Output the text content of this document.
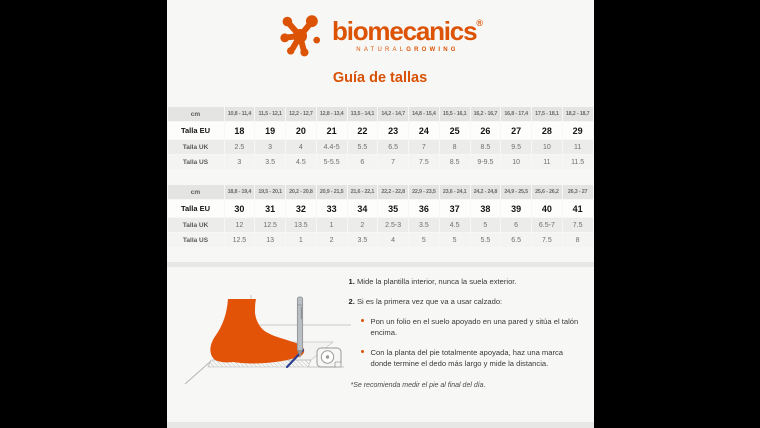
biomecanics®
NATURALGROWING
Guía de tallas
cm	10,8 - 11,4	11,5 - 12,1	12,2 - 12,7	12,8 - 13,4	13,5 - 14,1	14,2 - 14,7	14,8 - 15,4	15,5 - 16,1	16,2 - 16,7	16,8 - 17,4	17,5 - 18,1	18,2 - 18,7
Talla EU	18	19	20	21	22	23	24	25	26	27	28	29
Talla UK	2.5	3	4	4.4-5	5.5	6.5	7	8	8.5	9.5	10	11
Talla US	3	3.5	4.5	5-5.5	6	7	7.5	8.5	9-9.5	10	11	11.5
cm	18,8 - 19,4	19,5 - 20,1	20,2 - 20,8	20,9 - 21,5	21,6 - 22,1	22,2 - 22,8	22,9 - 23,5	23,6 - 24,1	24,2 - 24,8	24,9 - 25,5	25,6 - 26,2	26,3 - 27
Talla EU	30	31	32	33	34	35	36	37	38	39	40	41
Talla UK	12	12.5	13.5	1	2	2.5-3	3.5	4.5	5	6	6.5-7	7.5
Talla US	12.5	13	1	2	3.5	4	5	5	5.5	6.5	7.5	8

1. Mide la plantilla interior, nunca la suela exterior.

2. Si es la primera vez que va a usar calzado:

Pon un folio en el suelo apoyado en una pared y sitúa el talón encima.
Con la planta del pie totalmente apoyada, haz una marca donde termine el dedo más largo y mide la distancia.

*Se recomienda medir el pie al final del día.
